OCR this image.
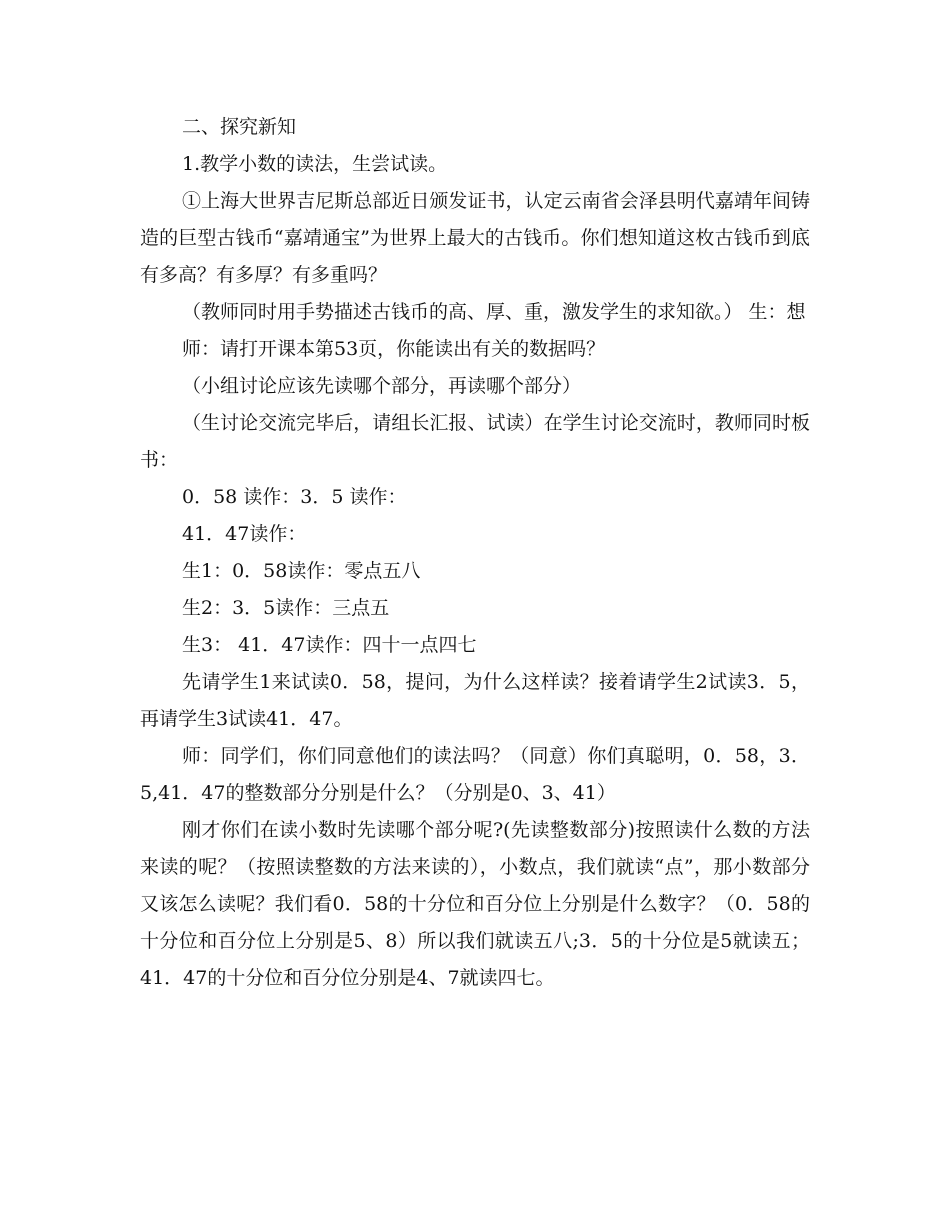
二、探究新知

1.教学小数的读法，生尝试读。

①上海大世界吉尼斯总部近日颁发证书，认定云南省会泽县明代嘉靖年间铸造的巨型古钱币“嘉靖通宝”为世界上最大的古钱币。你们想知道这枚古钱币到底有多高？有多厚？有多重吗？

（教师同时用手势描述古钱币的高、厚、重，激发学生的求知欲。） 生：想

师：请打开课本第53页，你能读出有关的数据吗？

（小组讨论应该先读哪个部分，再读哪个部分）

（生讨论交流完毕后，请组长汇报、试读）在学生讨论交流时，教师同时板书：

0．58 读作：3．5 读作：

41．47读作：

生1：0．58读作：零点五八

生2：3．5读作：三点五

生3： 41．47读作：四十一点四七

先请学生1来试读0．58，提问，为什么这样读？接着请学生2试读3．5，再请学生3试读41．47。

师：同学们，你们同意他们的读法吗？（同意）你们真聪明，0．58，3．5,41．47的整数部分分别是什么？（分别是0、3、41）

刚才你们在读小数时先读哪个部分呢?(先读整数部分)按照读什么数的方法来读的呢？（按照读整数的方法来读的），小数点，我们就读“点”，那小数部分又该怎么读呢？我们看0．58的十分位和百分位上分别是什么数字？（0．58的十分位和百分位上分别是5、8）所以我们就读五八;3．5的十分位是5就读五；41．47的十分位和百分位分别是4、7就读四七。
